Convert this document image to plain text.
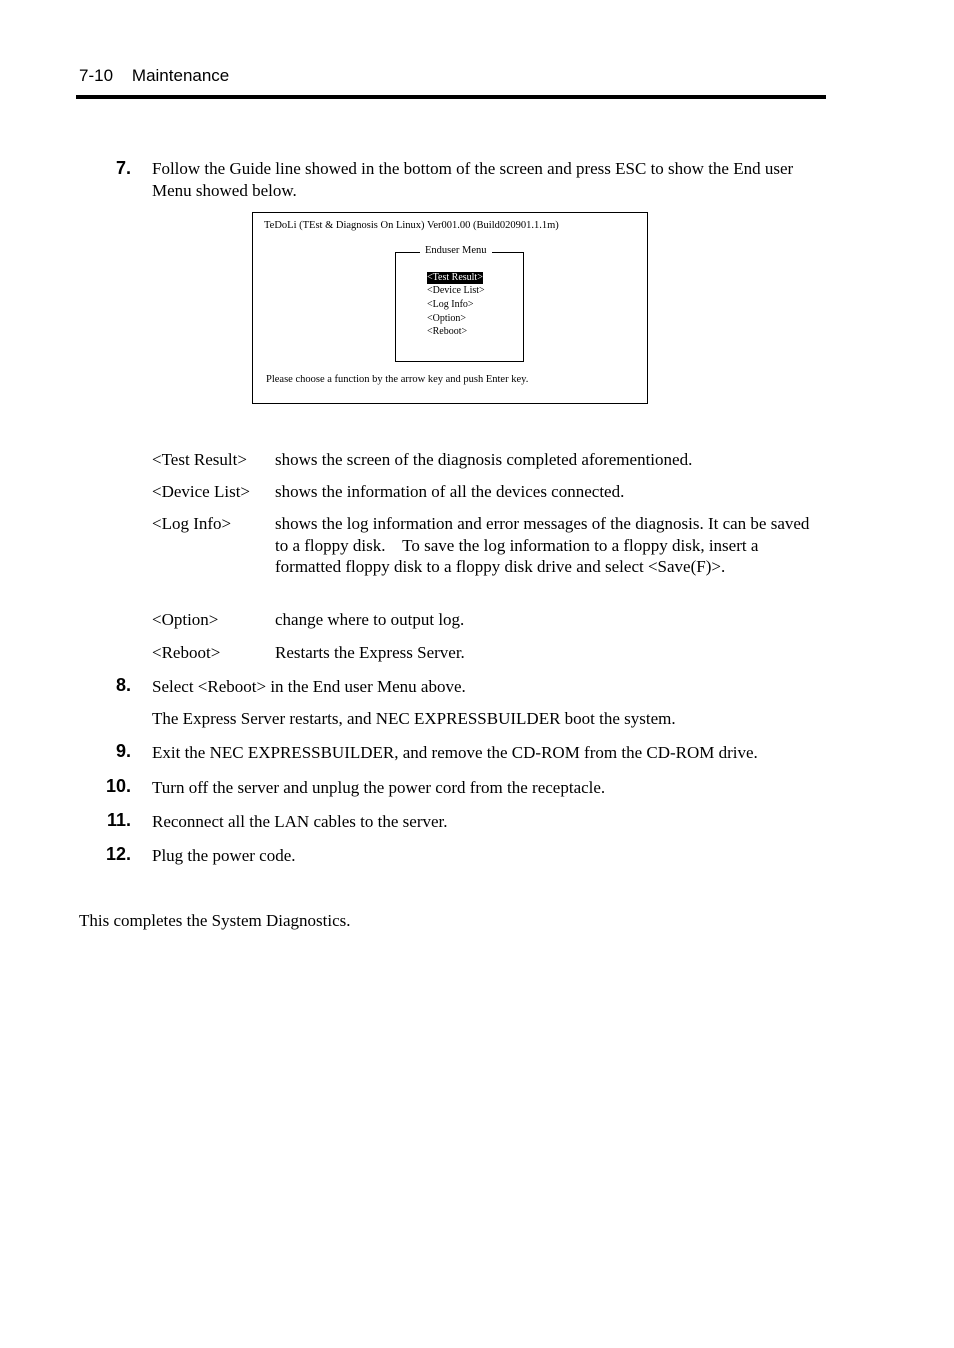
7-10    Maintenance
7. Follow the Guide line showed in the bottom of the screen and press ESC to show the End user Menu showed below.
TeDoLi (TEst & Diagnosis On Linux) Ver001.00 (Build020901.1.1m)
Enduser Menu
<Test Result>
<Device List>
<Log Info>
<Option>
<Reboot>
Please choose a function by the arrow key and push Enter key.
<Test Result> shows the screen of the diagnosis completed aforementioned.
<Device List> shows the information of all the devices connected.
<Log Info>	shows the log information and error messages of the diagnosis. It can be saved to a floppy disk.    To save the log information to a floppy disk, insert a formatted floppy disk to a floppy disk drive and select <Save(F)>.
<Option>	change where to output log.
<Reboot>	Restarts the Express Server.
8. Select <Reboot> in the End user Menu above.
The Express Server restarts, and NEC EXPRESSBUILDER boot the system.
9. Exit the NEC EXPRESSBUILDER, and remove the CD-ROM from the CD-ROM drive.
10. Turn off the server and unplug the power cord from the receptacle.
11. Reconnect all the LAN cables to the server.
12. Plug the power code.
This completes the System Diagnostics.
